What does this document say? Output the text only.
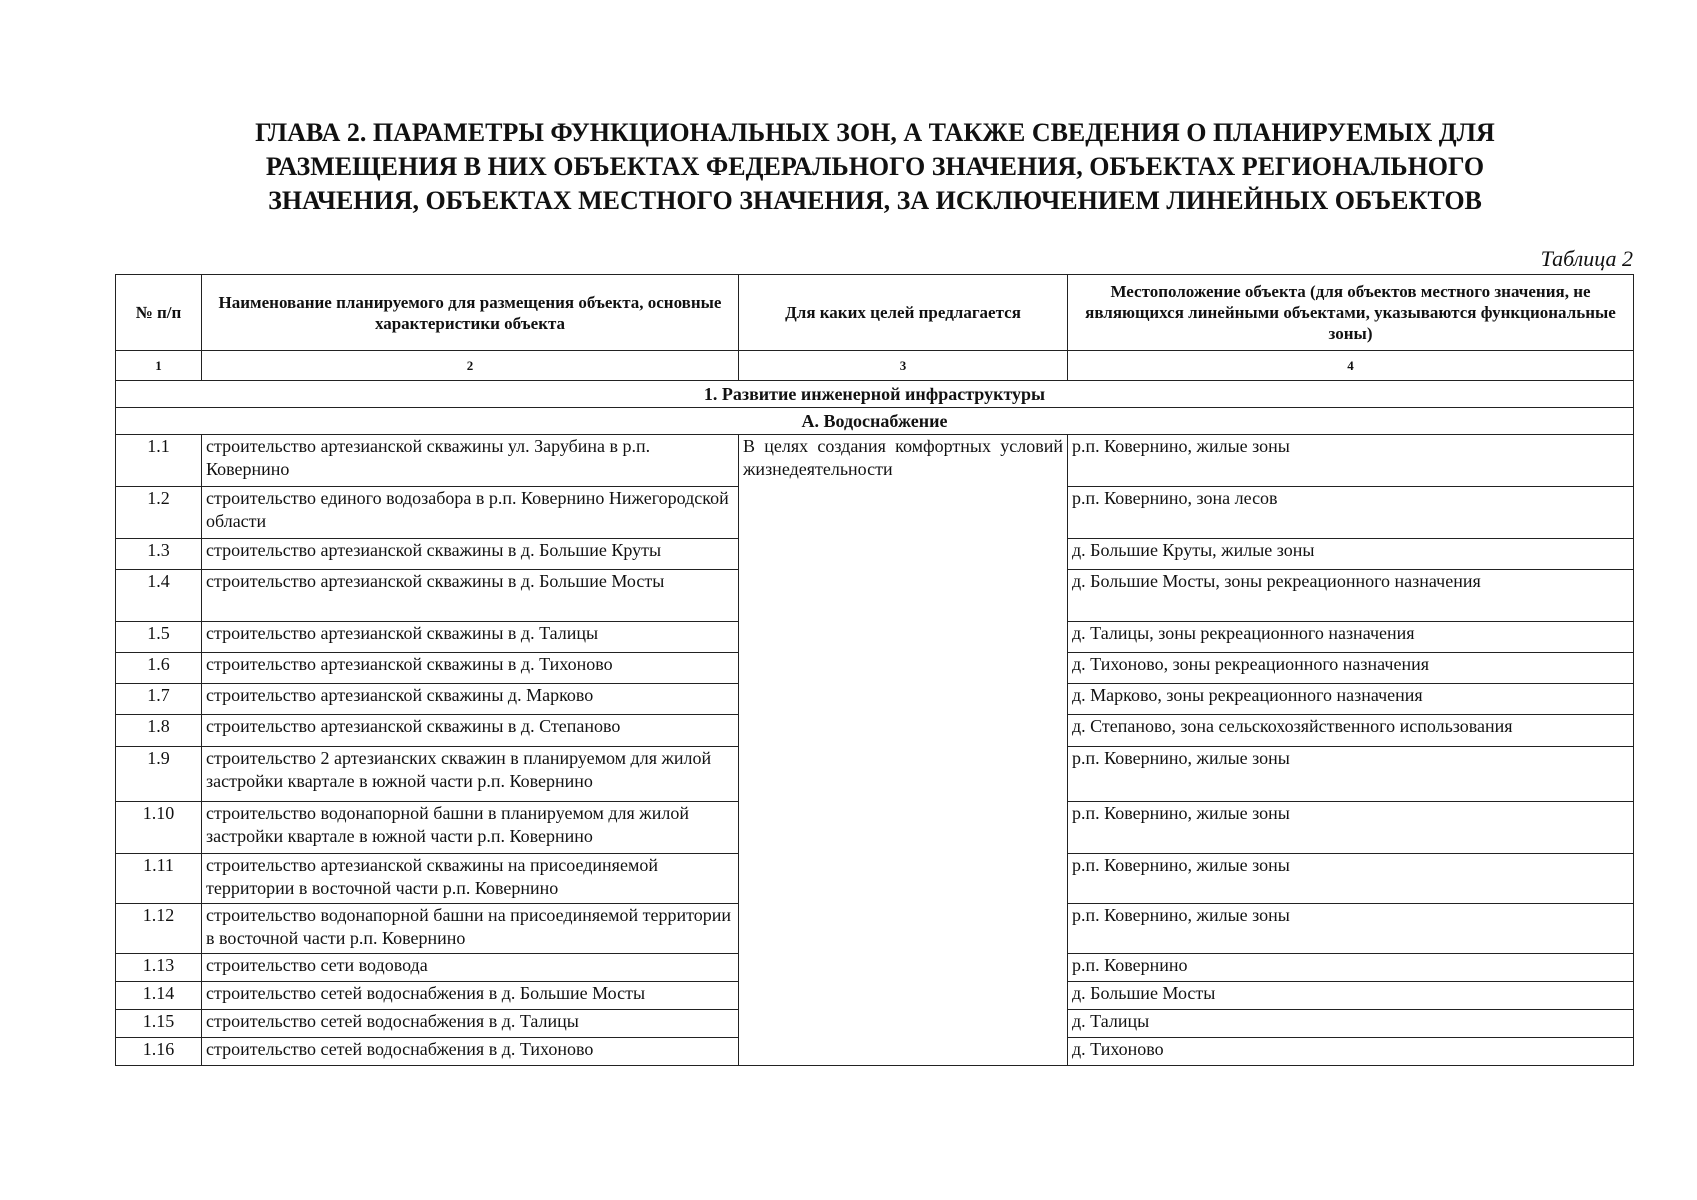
ГЛАВА 2. ПАРАМЕТРЫ ФУНКЦИОНАЛЬНЫХ ЗОН, А ТАКЖЕ СВЕДЕНИЯ О ПЛАНИРУЕМЫХ ДЛЯ
РАЗМЕЩЕНИЯ В НИХ ОБЪЕКТАХ ФЕДЕРАЛЬНОГО ЗНАЧЕНИЯ, ОБЪЕКТАХ РЕГИОНАЛЬНОГО
ЗНАЧЕНИЯ, ОБЪЕКТАХ МЕСТНОГО ЗНАЧЕНИЯ, ЗА ИСКЛЮЧЕНИЕМ ЛИНЕЙНЫХ ОБЪЕКТОВ
Таблица 2
№ п/п	Наименование планируемого для размещения объекта, основные характеристики объекта	Для каких целей предлагается	Местоположение объекта (для объектов местного значения, не являющихся линейными объектами, указываются функциональные зоны)
1	2	3	4
1. Развитие инженерной инфраструктуры			
А. Водоснабжение			
1.1	строительство артезианской скважины ул. Зарубина в р.п. Ковернино	В целях создания комфортных условий жизнедеятельности	р.п. Ковернино, жилые зоны
1.2	строительство единого водозабора в р.п. Ковернино Нижегородской области		р.п. Ковернино, зона лесов
1.3	строительство артезианской скважины в д. Большие Круты		д. Большие Круты, жилые зоны
1.4	строительство артезианской скважины в д. Большие Мосты		д. Большие Мосты, зоны рекреационного назначения
1.5	строительство артезианской скважины в д. Талицы		д. Талицы, зоны рекреационного назначения
1.6	строительство артезианской скважины в д. Тихоново		д. Тихоново, зоны рекреационного назначения
1.7	строительство артезианской скважины д. Марково		д. Марково, зоны рекреационного назначения
1.8	строительство артезианской скважины в д. Степаново		д. Степаново, зона сельскохозяйственного использования
1.9	строительство 2 артезианских скважин в планируемом для жилой застройки квартале в южной части р.п. Ковернино		р.п. Ковернино, жилые зоны
1.10	строительство водонапорной башни в планируемом для жилой застройки квартале в южной части р.п. Ковернино		р.п. Ковернино, жилые зоны
1.11	строительство артезианской скважины на присоединяемой территории в восточной части р.п. Ковернино		р.п. Ковернино, жилые зоны
1.12	строительство водонапорной башни на присоединяемой территории в восточной части р.п. Ковернино		р.п. Ковернино, жилые зоны
1.13	строительство сети водовода		р.п. Ковернино
1.14	строительство сетей водоснабжения в д. Большие Мосты		д. Большие Мосты
1.15	строительство сетей водоснабжения в д. Талицы		д. Талицы
1.16	строительство сетей водоснабжения в д. Тихоново		д. Тихоново
